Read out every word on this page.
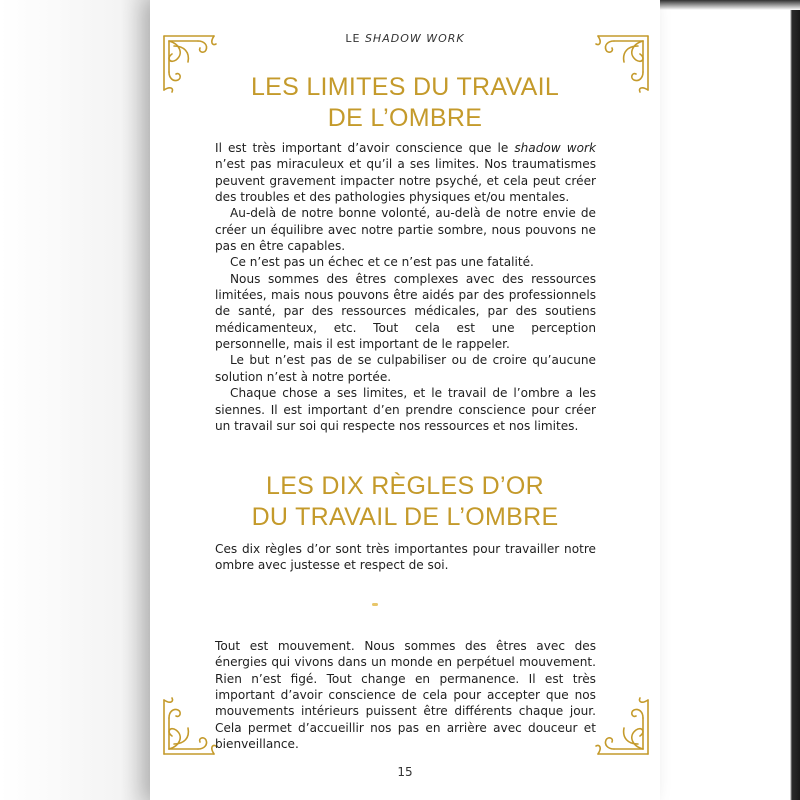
LE SHADOW WORK
LES LIMITES DU TRAVAIL
DE L’OMBRE

Il est très important d’avoir conscience que le shadow work n’est pas miraculeux et qu’il a ses limites. Nos traumatismes peuvent gravement impacter notre psyché, et cela peut créer des troubles et des pathologies physiques et/ou mentales.

Au-delà de notre bonne volonté, au-delà de notre envie de créer un équilibre avec notre partie sombre, nous pouvons ne pas en être capables.

Ce n’est pas un échec et ce n’est pas une fatalité.

Nous sommes des êtres complexes avec des ressources limitées, mais nous pouvons être aidés par des professionnels de santé, par des ressources médicales, par des soutiens médicamenteux, etc. Tout cela est une perception personnelle, mais il est important de le rappeler.

Le but n’est pas de se culpabiliser ou de croire qu’aucune solution n’est à notre portée.

Chaque chose a ses limites, et le travail de l’ombre a les siennes. Il est important d’en prendre conscience pour créer un travail sur soi qui respecte nos ressources et nos limites.

LES DIX RÈGLES D’OR
DU TRAVAIL DE L’OMBRE

Ces dix règles d’or sont très importantes pour travailler notre ombre avec justesse et respect de soi.

Tout est mouvement. Nous sommes des êtres avec des énergies qui vivons dans un monde en perpétuel mouvement. Rien n’est figé. Tout change en permanence. Il est très important d’avoir conscience de cela pour accepter que nos mouvements intérieurs puissent être différents chaque jour. Cela permet d’accueillir nos pas en arrière avec douceur et bienveillance.

15
